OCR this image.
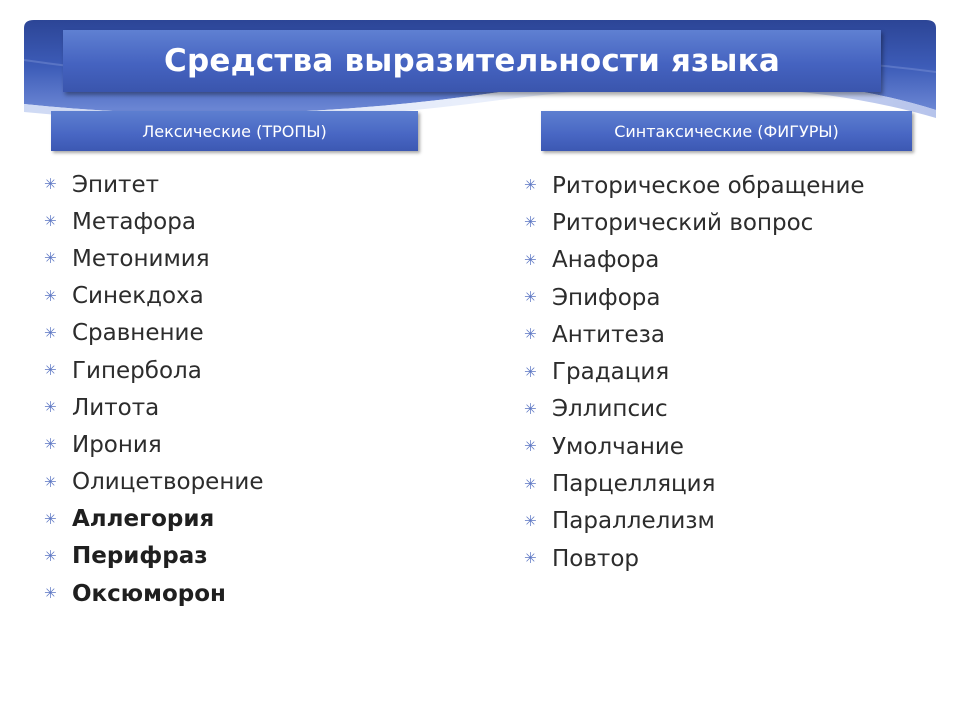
Средства выразительности языка
Лексические (ТРОПЫ)	Синтаксические (ФИГУРЫ)
✳ Эпитет
✳ Метафора
✳ Метонимия
✳ Синекдоха
✳ Сравнение
✳ Гипербола
✳ Литота
✳ Ирония
✳ Олицетворение
✳ Аллегория
✳ Перифраз
✳ Оксюморон
✳ Риторическое обращение
✳ Риторический вопрос
✳ Анафора
✳ Эпифора
✳ Антитеза
✳ Градация
✳ Эллипсис
✳ Умолчание
✳ Парцелляция
✳ Параллелизм
✳ Повтор
